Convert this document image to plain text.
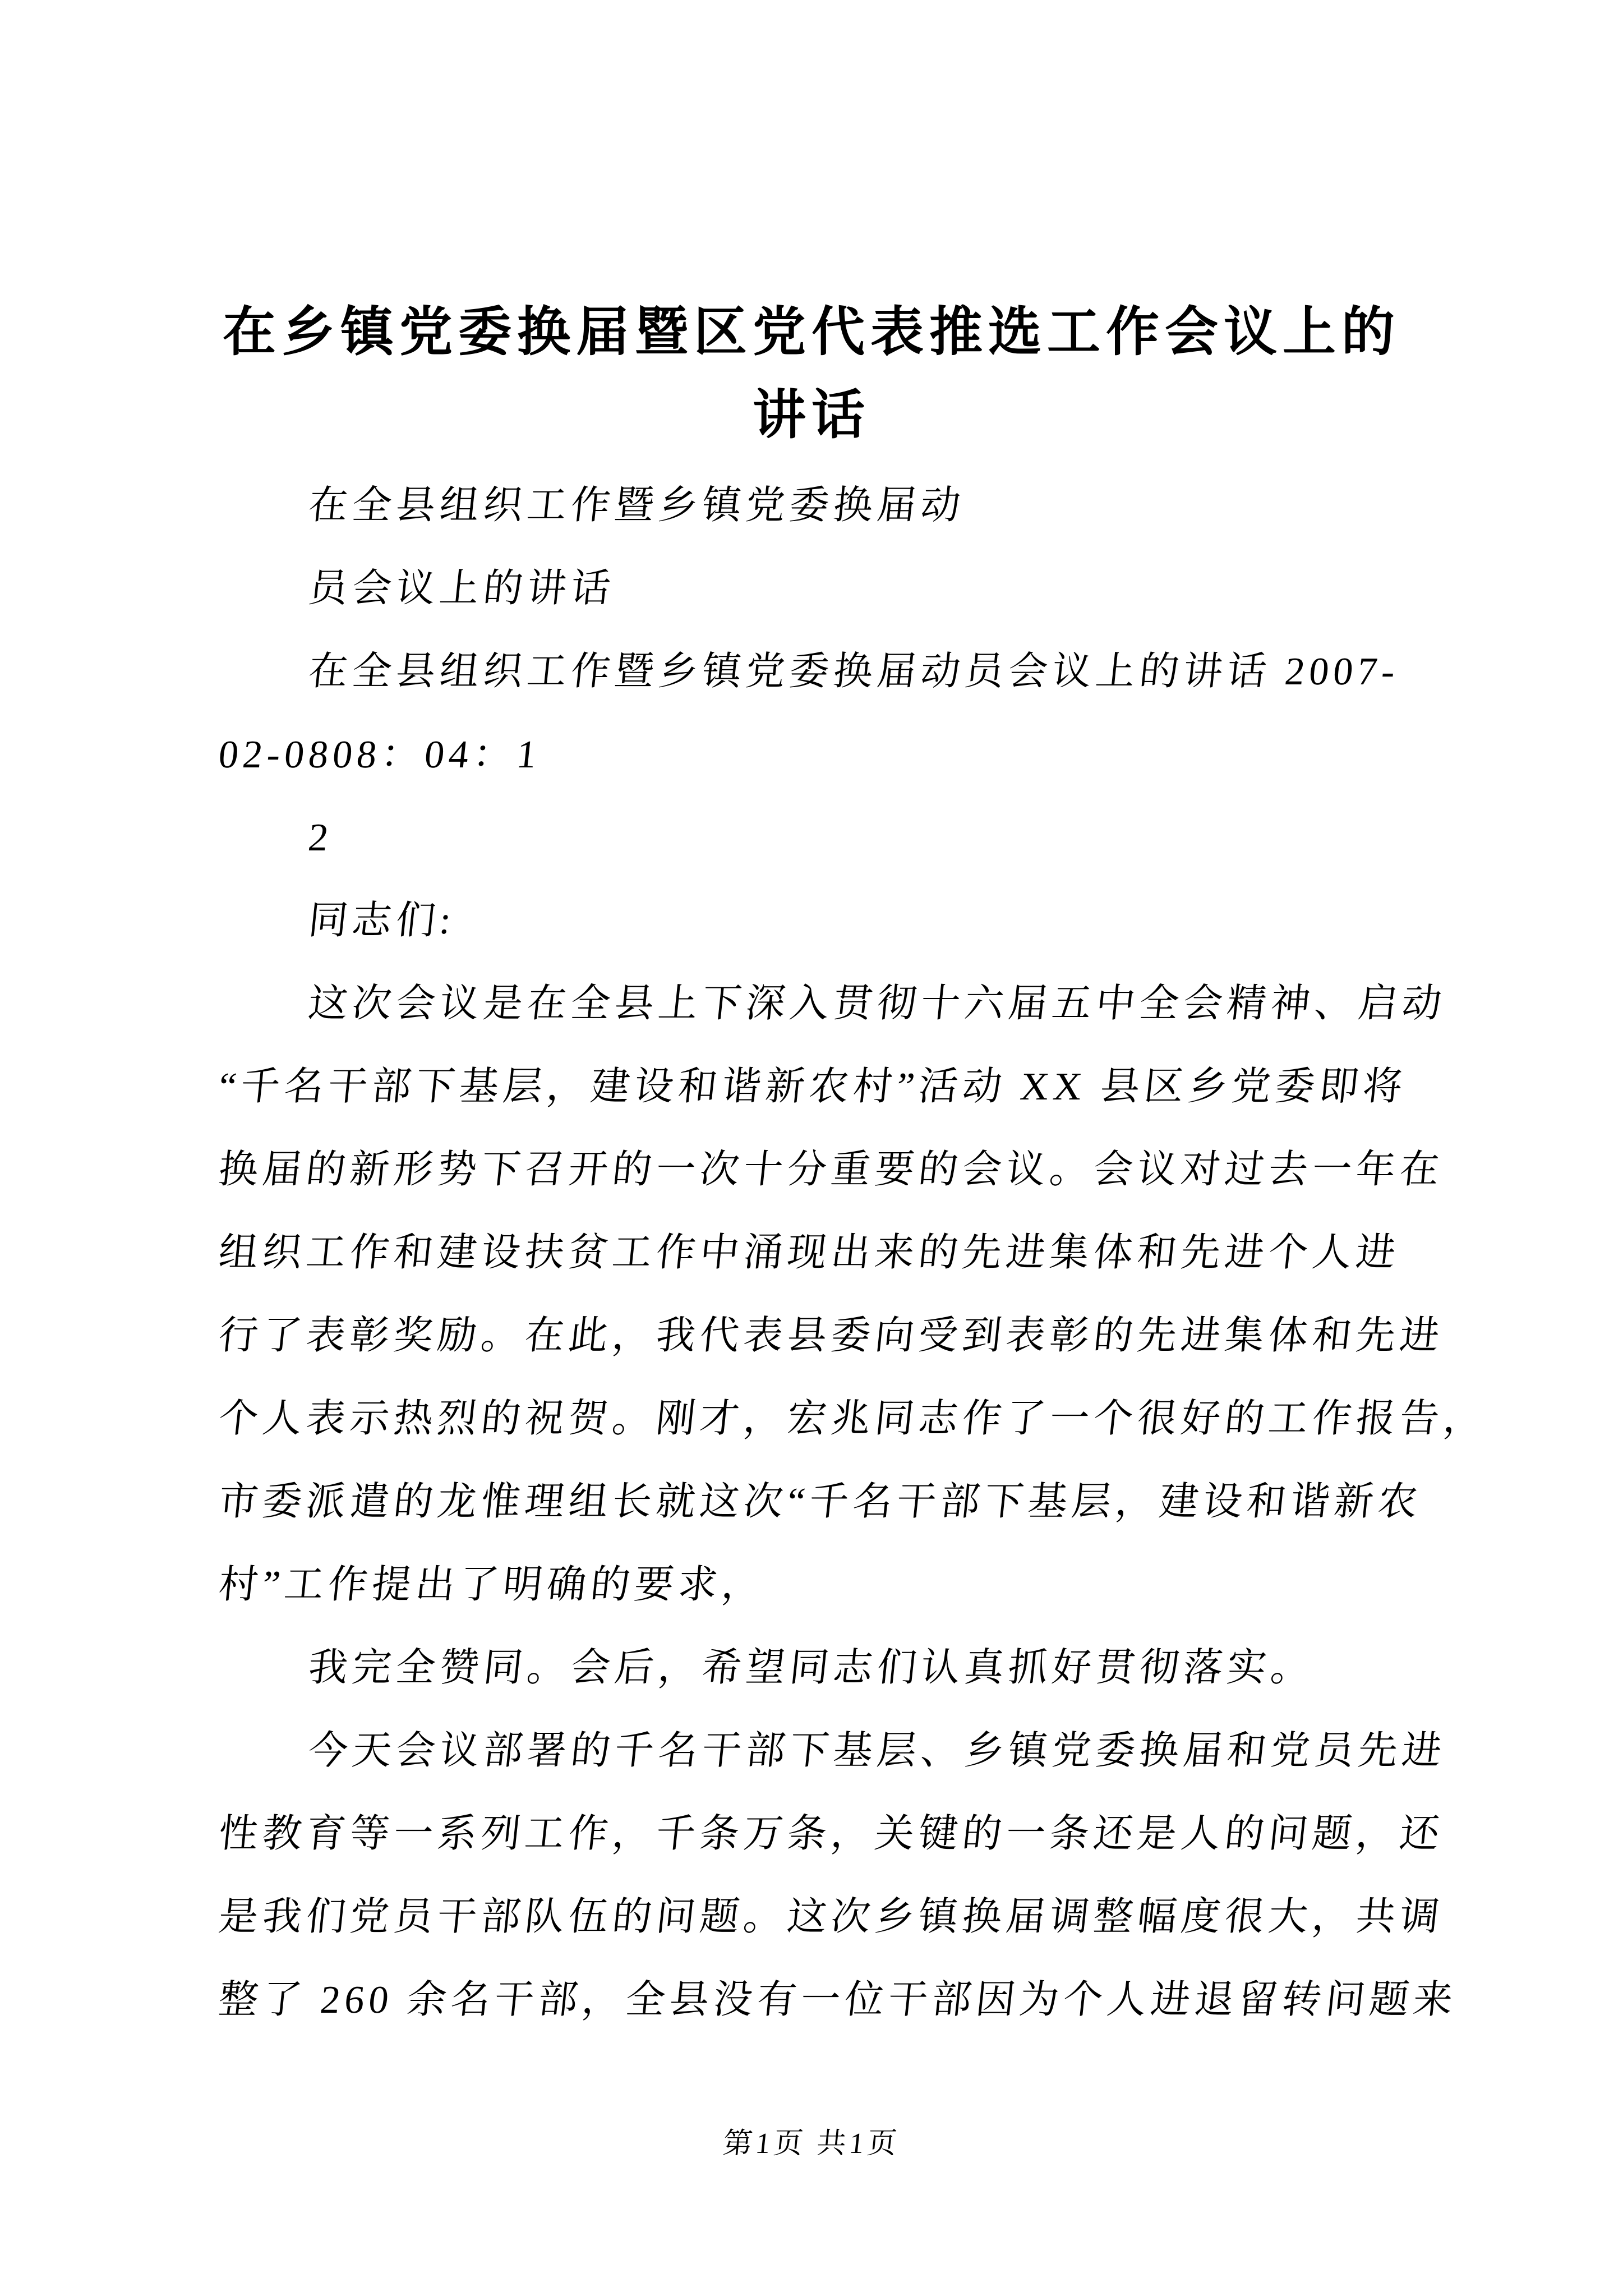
在乡镇党委换届暨区党代表推选工作会议上的
讲话
在全县组织工作暨乡镇党委换届动
员会议上的讲话
在全县组织工作暨乡镇党委换届动员会议上的讲话 2007-
02-0808：04：1
2
同志们:
这次会议是在全县上下深入贯彻十六届五中全会精神、启动
“千名干部下基层，建设和谐新农村”活动 XX 县区乡党委即将
换届的新形势下召开的一次十分重要的会议。会议对过去一年在
组织工作和建设扶贫工作中涌现出来的先进集体和先进个人进
行了表彰奖励。在此，我代表县委向受到表彰的先进集体和先进
个人表示热烈的祝贺。刚才，宏兆同志作了一个很好的工作报告，
市委派遣的龙惟理组长就这次“千名干部下基层，建设和谐新农
村”工作提出了明确的要求，
我完全赞同。会后，希望同志们认真抓好贯彻落实。
今天会议部署的千名干部下基层、乡镇党委换届和党员先进
性教育等一系列工作，千条万条，关键的一条还是人的问题，还
是我们党员干部队伍的问题。这次乡镇换届调整幅度很大，共调
整了 260 余名干部，全县没有一位干部因为个人进退留转问题来
第1页 共1页
